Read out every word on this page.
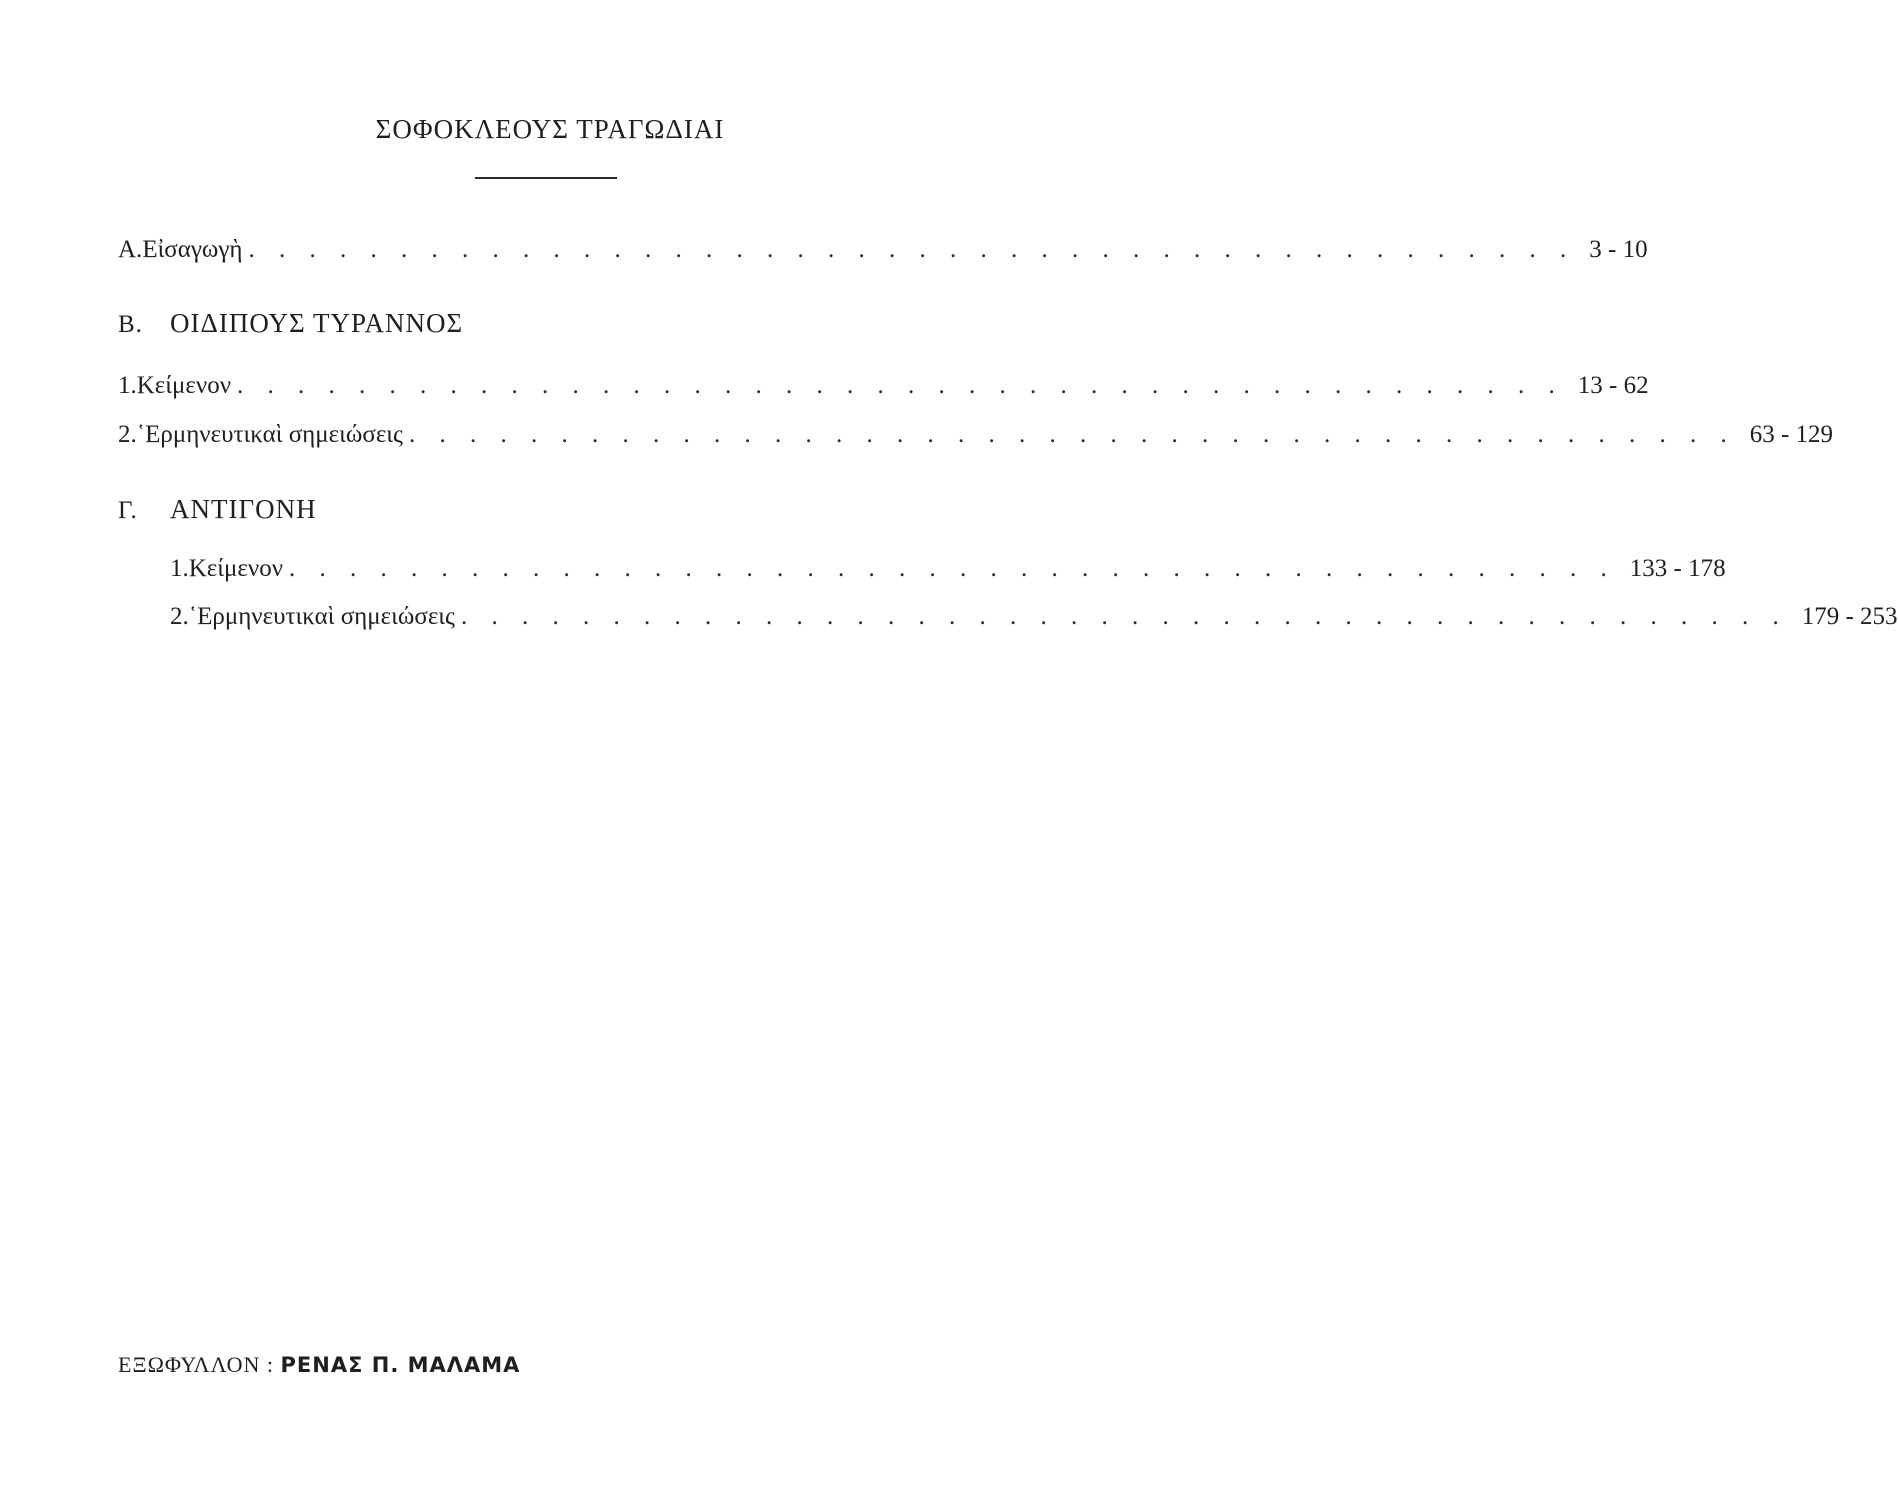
ΣΟΦΟΚΛΕΟΥΣ ΤΡΑΓΩΔΙΑΙ
Α. Εἰσαγωγὴ . . . . . . . . . . . . . . . . . . . . . . . . . . . . . . . . . . . . . . . . . . . . 3 - 10
Β. ΟΙΔΙΠΟΥΣ ΤΥΡΑΝΝΟΣ
1. Κείμενον . . . . . . . . . . . . . . . . . . . . . . . . . . . . . . . . . . . . . . . . . . . . 13 - 62
2. ῾Ερμηνευτικαὶ σημειώσεις . . . . . . . . . . . . . . . . . . . . . . . . . . . . . . . . . . . . . . . . . . . . 63 - 129
Γ. ΑΝΤΙΓΟΝΗ
1. Κείμενον . . . . . . . . . . . . . . . . . . . . . . . . . . . . . . . . . . . . . . . . . . . . 133 - 178
2. ῾Ερμηνευτικαὶ σημειώσεις . . . . . . . . . . . . . . . . . . . . . . . . . . . . . . . . . . . . . . . . . . . . 179 - 253
ΕΞΩΦΥΛΛΟΝ : ΡΕΝΑΣ Π. ΜΑΛΑΜΑ
